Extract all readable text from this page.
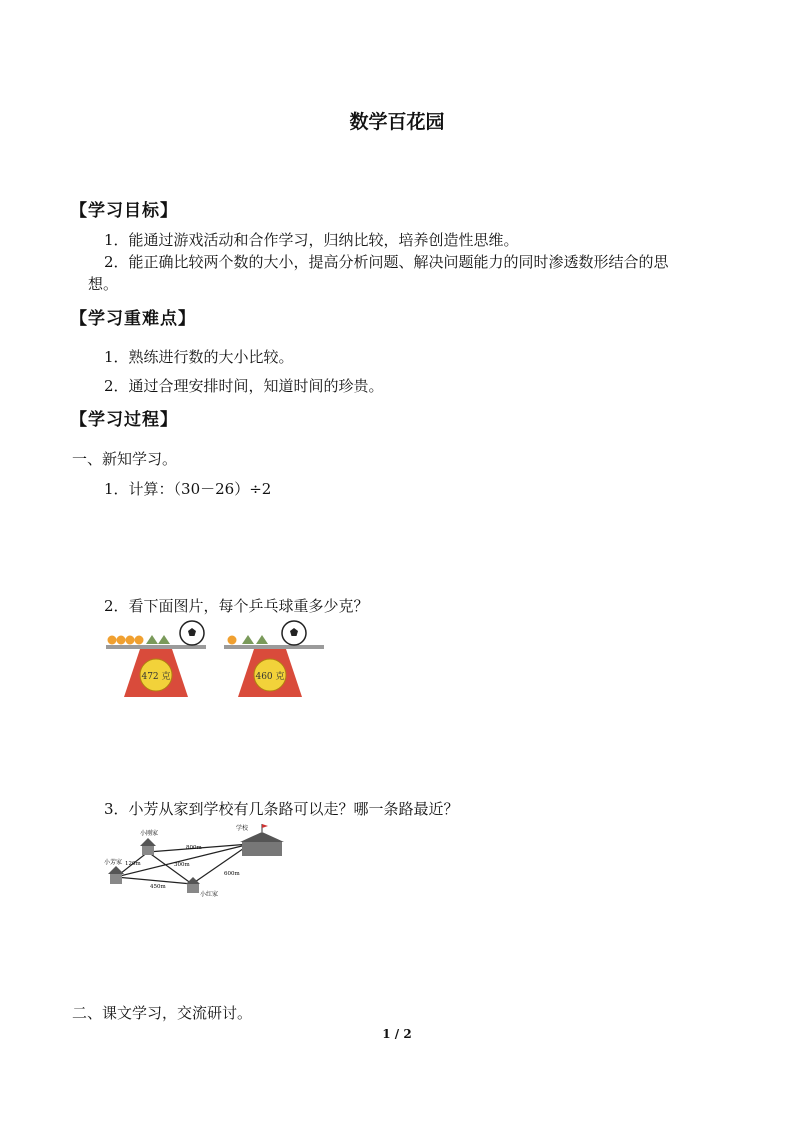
数学百花园
【学习目标】
1．能通过游戏活动和合作学习，归纳比较，培养创造性思维。
2．能正确比较两个数的大小，提高分析问题、解决问题能力的同时渗透数形结合的思
想。
【学习重难点】
1．熟练进行数的大小比较。
2．通过合理安排时间，知道时间的珍贵。
【学习过程】
一、新知学习。
1．计算：（30－26）÷2
2．看下面图片，每个乒乓球重多少克？
472 克	460 克
3．小芳从家到学校有几条路可以走？哪一条路最近？
小刚家
小芳家
小红家
学校
120m
800m
300m
450m
600m
二、课文学习，交流研讨。
1 / 2
